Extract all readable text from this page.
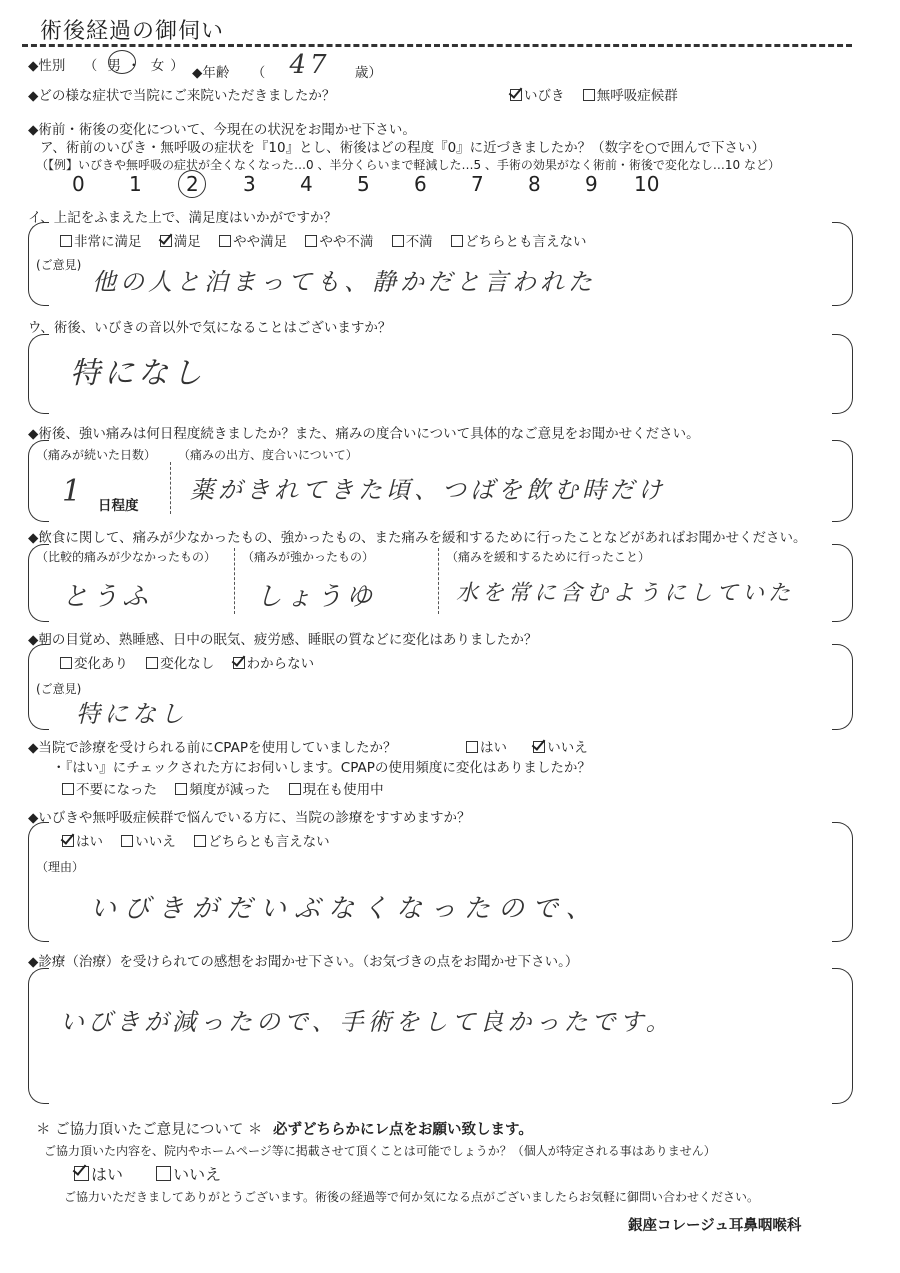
術後経過の御伺い
◆性別 （ 男 ・ 女 ） ◆年齢 （ 47 歳）
◆どの様な症状で当院にご来院いただきましたか？	いびき 無呼吸症候群
◆術前・術後の変化について、今現在の状況をお聞かせ下さい。
ア、術前のいびき・無呼吸の症状を『10』とし、術後はどの程度『0』に近づきましたか？（数字を○で囲んで下さい）
（【例】いびきや無呼吸の症状が全くなくなった…0 、半分くらいまで軽減した…5 、手術の効果がなく術前・術後で変化なし…10 など）
0 1 2 3 4 5 6 7 8 9 10
イ、上記をふまえた上で、満足度はいかがですか？
非常に満足 満足 やや満足 やや不満 不満 どちらとも言えない
(ご意見)
他の人と泊まっても、静かだと言われた
ウ、術後、いびきの音以外で気になることはございますか？
特になし
◆術後、強い痛みは何日程度続きましたか？また、痛みの度合いについて具体的なご意見をお聞かせください。
（痛みが続いた日数）
1 日程度
（痛みの出方、度合いについて）
薬がきれてきた頃、つばを飲む時だけ
◆飲食に関して、痛みが少なかったもの、強かったもの、また痛みを緩和するために行ったことなどがあればお聞かせください。
（比較的痛みが少なかったもの）
とうふ
（痛みが強かったもの）
しょうゆ
（痛みを緩和するために行ったこと）
水を常に含むようにしていた
◆朝の目覚め、熟睡感、日中の眠気、疲労感、睡眠の質などに変化はありましたか？
変化あり 変化なし わからない
(ご意見)
特になし
◆当院で診療を受けられる前にCPAPを使用していましたか？	はい	いいえ
・『はい』にチェックされた方にお伺いします。CPAPの使用頻度に変化はありましたか？
不要になった 頻度が減った 現在も使用中
◆いびきや無呼吸症候群で悩んでいる方に、当院の診療をすすめますか？
はい いいえ どちらとも言えない
（理由）
いびきがだいぶなくなったので、
◆診療（治療）を受けられての感想をお聞かせ下さい。（お気づきの点をお聞かせ下さい。）
いびきが減ったので、手術をして良かったです。
＊ ご協力頂いたご意見について ＊ 必ずどちらかにレ点をお願い致します。
ご協力頂いた内容を、院内やホームページ等に掲載させて頂くことは可能でしょうか？（個人が特定される事はありません）
はい	いいえ
ご協力いただきましてありがとうございます。術後の経過等で何か気になる点がございましたらお気軽に御問い合わせください。
銀座コレージュ耳鼻咽喉科
